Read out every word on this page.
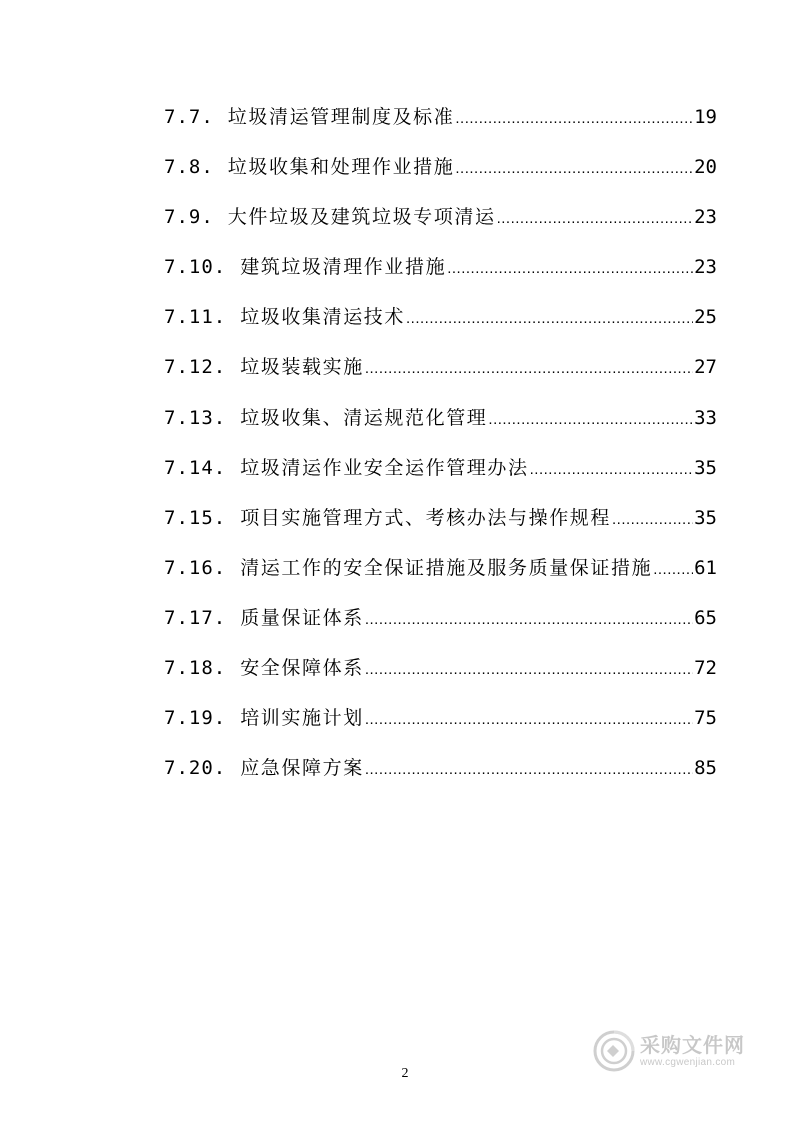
7.7. 垃圾清运管理制度及标准 .....	19
7.8. 垃圾收集和处理作业措施 .....	20
7.9. 大件垃圾及建筑垃圾专项清运 .....	23
7.10. 建筑垃圾清理作业措施 .....	23
7.11. 垃圾收集清运技术 .....	25
7.12. 垃圾装载实施 .....	27
7.13. 垃圾收集、清运规范化管理 .....	33
7.14. 垃圾清运作业安全运作管理办法 .....	35
7.15. 项目实施管理方式、考核办法与操作规程 .....	35
7.16. 清运工作的安全保证措施及服务质量保证措施 ..... 61
7.17. 质量保证体系 .....	65
7.18. 安全保障体系 .....	72
7.19. 培训实施计划 .....	75
7.20. 应急保障方案 .....	85
采购文件网
www.cgwenjian.com
2
